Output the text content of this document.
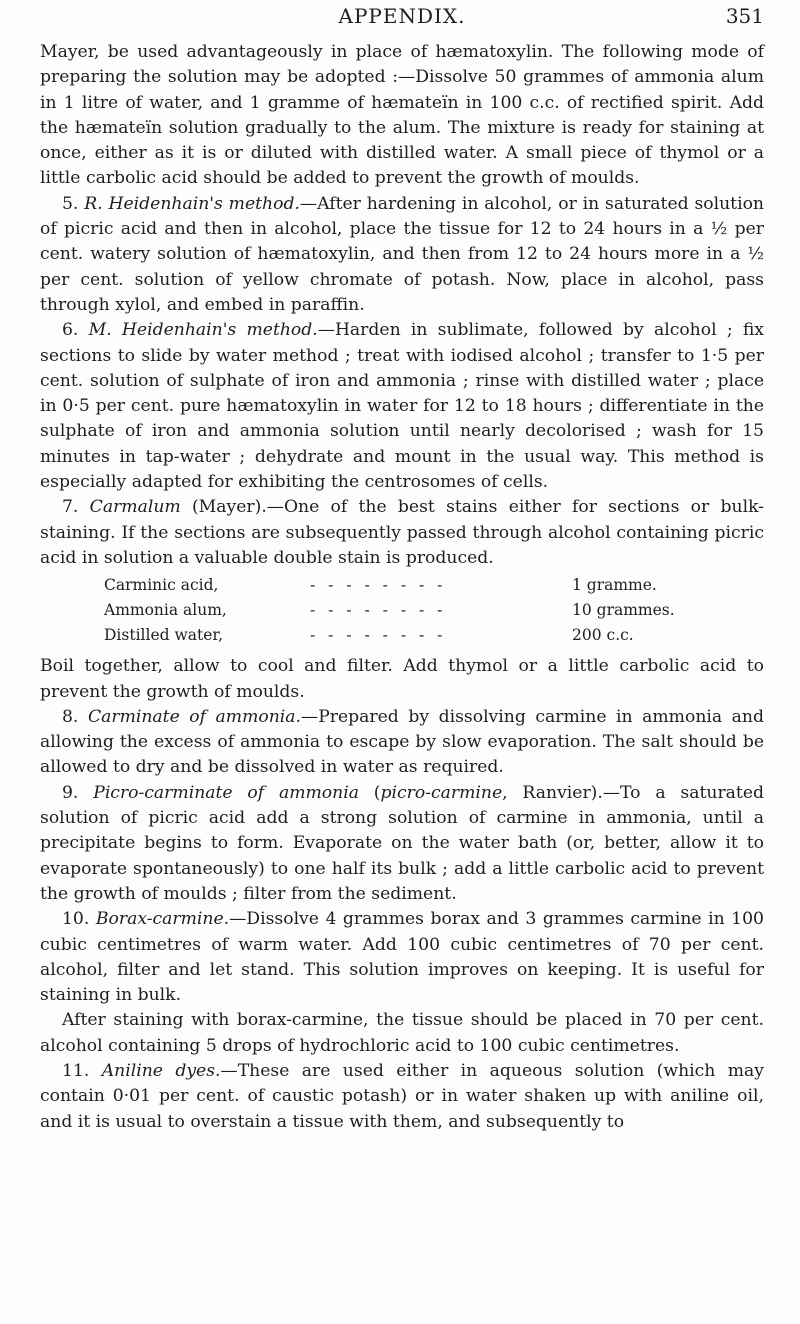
APPENDIX.	351

Mayer, be used advantageously in place of hæmatoxylin. The following mode of preparing the solution may be adopted :—Dissolve 50 grammes of ammonia alum in 1 litre of water, and 1 gramme of hæmateïn in 100 c.c. of rectified spirit. Add the hæmateïn solution gradually to the alum. The mixture is ready for staining at once, either as it is or diluted with distilled water. A small piece of thymol or a little carbolic acid should be added to prevent the growth of moulds.

5. R. Heidenhain's method.—After hardening in alcohol, or in saturated solution of picric acid and then in alcohol, place the tissue for 12 to 24 hours in a ½ per cent. watery solution of hæmatoxylin, and then from 12 to 24 hours more in a ½ per cent. solution of yellow chromate of potash. Now, place in alcohol, pass through xylol, and embed in paraffin.

6. M. Heidenhain's method.—Harden in sublimate, followed by alcohol ; fix sections to slide by water method ; treat with iodised alcohol ; transfer to 1·5 per cent. solution of sulphate of iron and ammonia ; rinse with distilled water ; place in 0·5 per cent. pure hæmatoxylin in water for 12 to 18 hours ; differentiate in the sulphate of iron and ammonia solution until nearly decolorised ; wash for 15 minutes in tap-water ; dehydrate and mount in the usual way. This method is especially adapted for exhibiting the centrosomes of cells.

7. Carmalum (Mayer).—One of the best stains either for sections or bulk-staining. If the sections are subsequently passed through alcohol containing picric acid in solution a valuable double stain is produced.

Carminic acid,	- - - - - - - -	1 gramme.
Ammonia alum,	- - - - - - - -	10 grammes.
Distilled water,	- - - - - - - -	200 c.c.

Boil together, allow to cool and filter. Add thymol or a little carbolic acid to prevent the growth of moulds.

8. Carminate of ammonia.—Prepared by dissolving carmine in ammonia and allowing the excess of ammonia to escape by slow evaporation. The salt should be allowed to dry and be dissolved in water as required.

9. Picro-carminate of ammonia (picro-carmine, Ranvier).—To a saturated solution of picric acid add a strong solution of carmine in ammonia, until a precipitate begins to form. Evaporate on the water bath (or, better, allow it to evaporate spontaneously) to one half its bulk ; add a little carbolic acid to prevent the growth of moulds ; filter from the sediment.

10. Borax-carmine.—Dissolve 4 grammes borax and 3 grammes carmine in 100 cubic centimetres of warm water. Add 100 cubic centimetres of 70 per cent. alcohol, filter and let stand. This solution improves on keeping. It is useful for staining in bulk.

After staining with borax-carmine, the tissue should be placed in 70 per cent. alcohol containing 5 drops of hydrochloric acid to 100 cubic centimetres.

11. Aniline dyes.—These are used either in aqueous solution (which may contain 0·01 per cent. of caustic potash) or in water shaken up with aniline oil, and it is usual to overstain a tissue with them, and subsequently to
